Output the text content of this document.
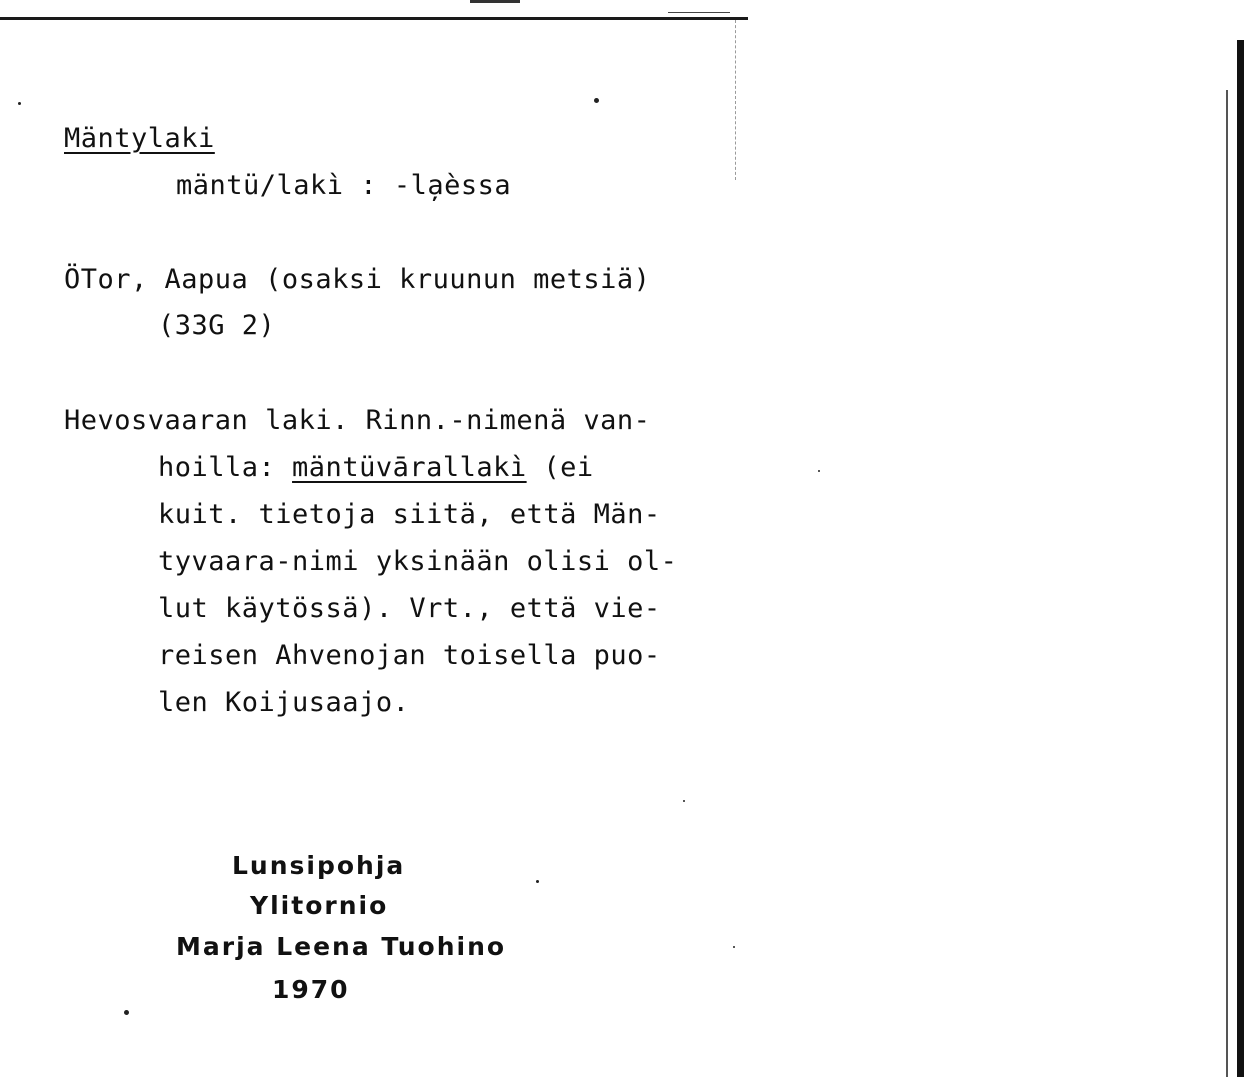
Mäntylaki
mäntü/lakì : -la̦èssa
ÖTor, Aapua (osaksi kruunun metsiä)
(33G 2)
Hevosvaaran laki. Rinn.-nimenä van-
hoilla: mäntüvārallakì (ei
kuit. tietoja siitä, että Män-
tyvaara-nimi yksinään olisi ol-
lut käytössä). Vrt., että vie-
reisen Ahvenojan toisella puo-
len Koijusaajo.
Lunsipohja
Ylitornio
Marja Leena Tuohino
1970
